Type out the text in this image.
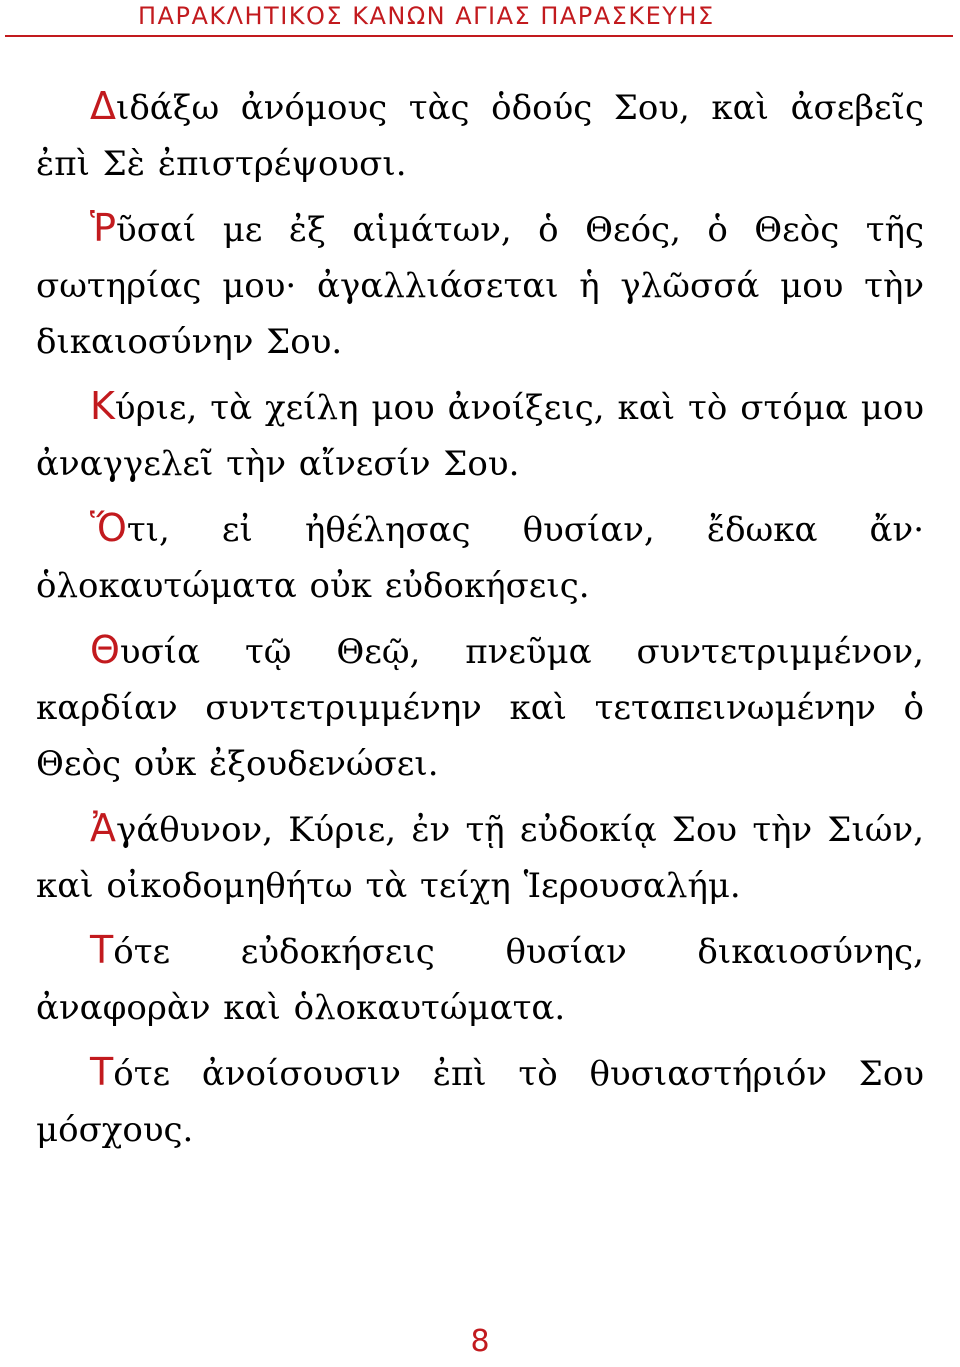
ΠΑΡΑΚΛΗΤΙΚΟΣ ΚΑΝΩΝ ΑΓΙΑΣ ΠΑΡΑΣΚΕΥΗΣ

Διδάξω ἀνόμους τὰς ὁδούς Σου, καὶ ἀσεβεῖς ἐπὶ Σὲ ἐπιστρέψουσι.

Ῥῦσαί με ἐξ αἱμάτων, ὁ Θεός, ὁ Θεὸς τῆς σωτηρίας μου· ἀγαλλιάσεται ἡ γλῶσσά μου τὴν δικαιοσύνην Σου.

Κύριε, τὰ χείλη μου ἀνοίξεις, καὶ τὸ στόμα μου ἀναγγελεῖ τὴν αἴνεσίν Σου.

Ὅτι, εἰ ἠθέλησας θυσίαν, ἔδωκα ἄν· ὁλοκαυτώματα οὐκ εὐδοκήσεις.

Θυσία τῷ Θεῷ, πνεῦμα συντετριμμένον, καρδίαν συντετριμμένην καὶ τεταπεινωμένην ὁ Θεὸς οὐκ ἐξουδενώσει.

Ἀγάθυνον, Κύριε, ἐν τῇ εὐδοκίᾳ Σου τὴν Σιών, καὶ οἰκοδομηθήτω τὰ τείχη Ἱερουσαλήμ.

Τότε εὐδοκήσεις θυσίαν δικαιοσύνης, ἀναφορὰν καὶ ὁλοκαυτώματα.

Τότε ἀνοίσουσιν ἐπὶ τὸ θυσιαστήριόν Σου μόσχους.

8
